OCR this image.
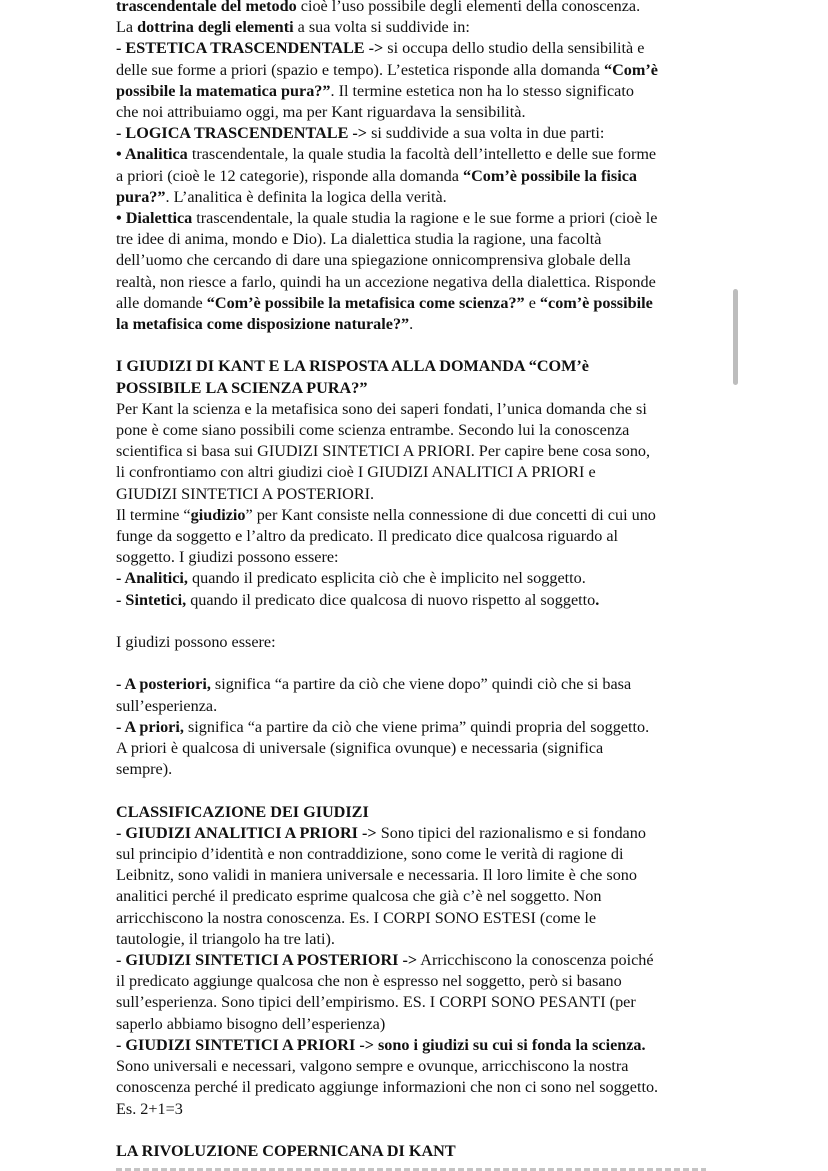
trascendentale del metodo cioè l’uso possibile degli elementi della conoscenza.

La dottrina degli elementi a sua volta si suddivide in:

- ESTETICA TRASCENDENTALE -> si occupa dello studio della sensibilità e

delle sue forme a priori (spazio e tempo). L’estetica risponde alla domanda “Com’è

possibile la matematica pura?”. Il termine estetica non ha lo stesso significato

che noi attribuiamo oggi, ma per Kant riguardava la sensibilità.

- LOGICA TRASCENDENTALE -> si suddivide a sua volta in due parti:

• Analitica trascendentale, la quale studia la facoltà dell’intelletto e delle sue forme

a priori (cioè le 12 categorie), risponde alla domanda “Com’è possibile la fisica

pura?”. L’analitica è definita la logica della verità.

• Dialettica trascendentale, la quale studia la ragione e le sue forme a priori (cioè le

tre idee di anima, mondo e Dio). La dialettica studia la ragione, una facoltà

dell’uomo che cercando di dare una spiegazione onnicomprensiva globale della

realtà, non riesce a farlo, quindi ha un accezione negativa della dialettica. Risponde

alle domande “Com’è possibile la metafisica come scienza?” e “com’è possibile

la metafisica come disposizione naturale?”.

I GIUDIZI DI KANT E LA RISPOSTA ALLA DOMANDA “COM’è

POSSIBILE LA SCIENZA PURA?”

Per Kant la scienza e la metafisica sono dei saperi fondati, l’unica domanda che si

pone è come siano possibili come scienza entrambe. Secondo lui la conoscenza

scientifica si basa sui GIUDIZI SINTETICI A PRIORI. Per capire bene cosa sono,

li confrontiamo con altri giudizi cioè I GIUDIZI ANALITICI A PRIORI e

GIUDIZI SINTETICI A POSTERIORI.

Il termine “giudizio” per Kant consiste nella connessione di due concetti di cui uno

funge da soggetto e l’altro da predicato. Il predicato dice qualcosa riguardo al

soggetto. I giudizi possono essere:

- Analitici, quando il predicato esplicita ciò che è implicito nel soggetto.

- Sintetici, quando il predicato dice qualcosa di nuovo rispetto al soggetto.

I giudizi possono essere:

- A posteriori, significa “a partire da ciò che viene dopo” quindi ciò che si basa

sull’esperienza.

- A priori, significa “a partire da ciò che viene prima” quindi propria del soggetto.

A priori è qualcosa di universale (significa ovunque) e necessaria (significa

sempre).

CLASSIFICAZIONE DEI GIUDIZI

- GIUDIZI ANALITICI A PRIORI -> Sono tipici del razionalismo e si fondano

sul principio d’identità e non contraddizione, sono come le verità di ragione di

Leibnitz, sono validi in maniera universale e necessaria. Il loro limite è che sono

analitici perché il predicato esprime qualcosa che già c’è nel soggetto. Non

arricchiscono la nostra conoscenza. Es. I CORPI SONO ESTESI (come le

tautologie, il triangolo ha tre lati).

- GIUDIZI SINTETICI A POSTERIORI -> Arricchiscono la conoscenza poiché

il predicato aggiunge qualcosa che non è espresso nel soggetto, però si basano

sull’esperienza. Sono tipici dell’empirismo. ES. I CORPI SONO PESANTI (per

saperlo abbiamo bisogno dell’esperienza)

- GIUDIZI SINTETICI A PRIORI -> sono i giudizi su cui si fonda la scienza.

Sono universali e necessari, valgono sempre e ovunque, arricchiscono la nostra

conoscenza perché il predicato aggiunge informazioni che non ci sono nel soggetto.

Es. 2+1=3

LA RIVOLUZIONE COPERNICANA DI KANT
